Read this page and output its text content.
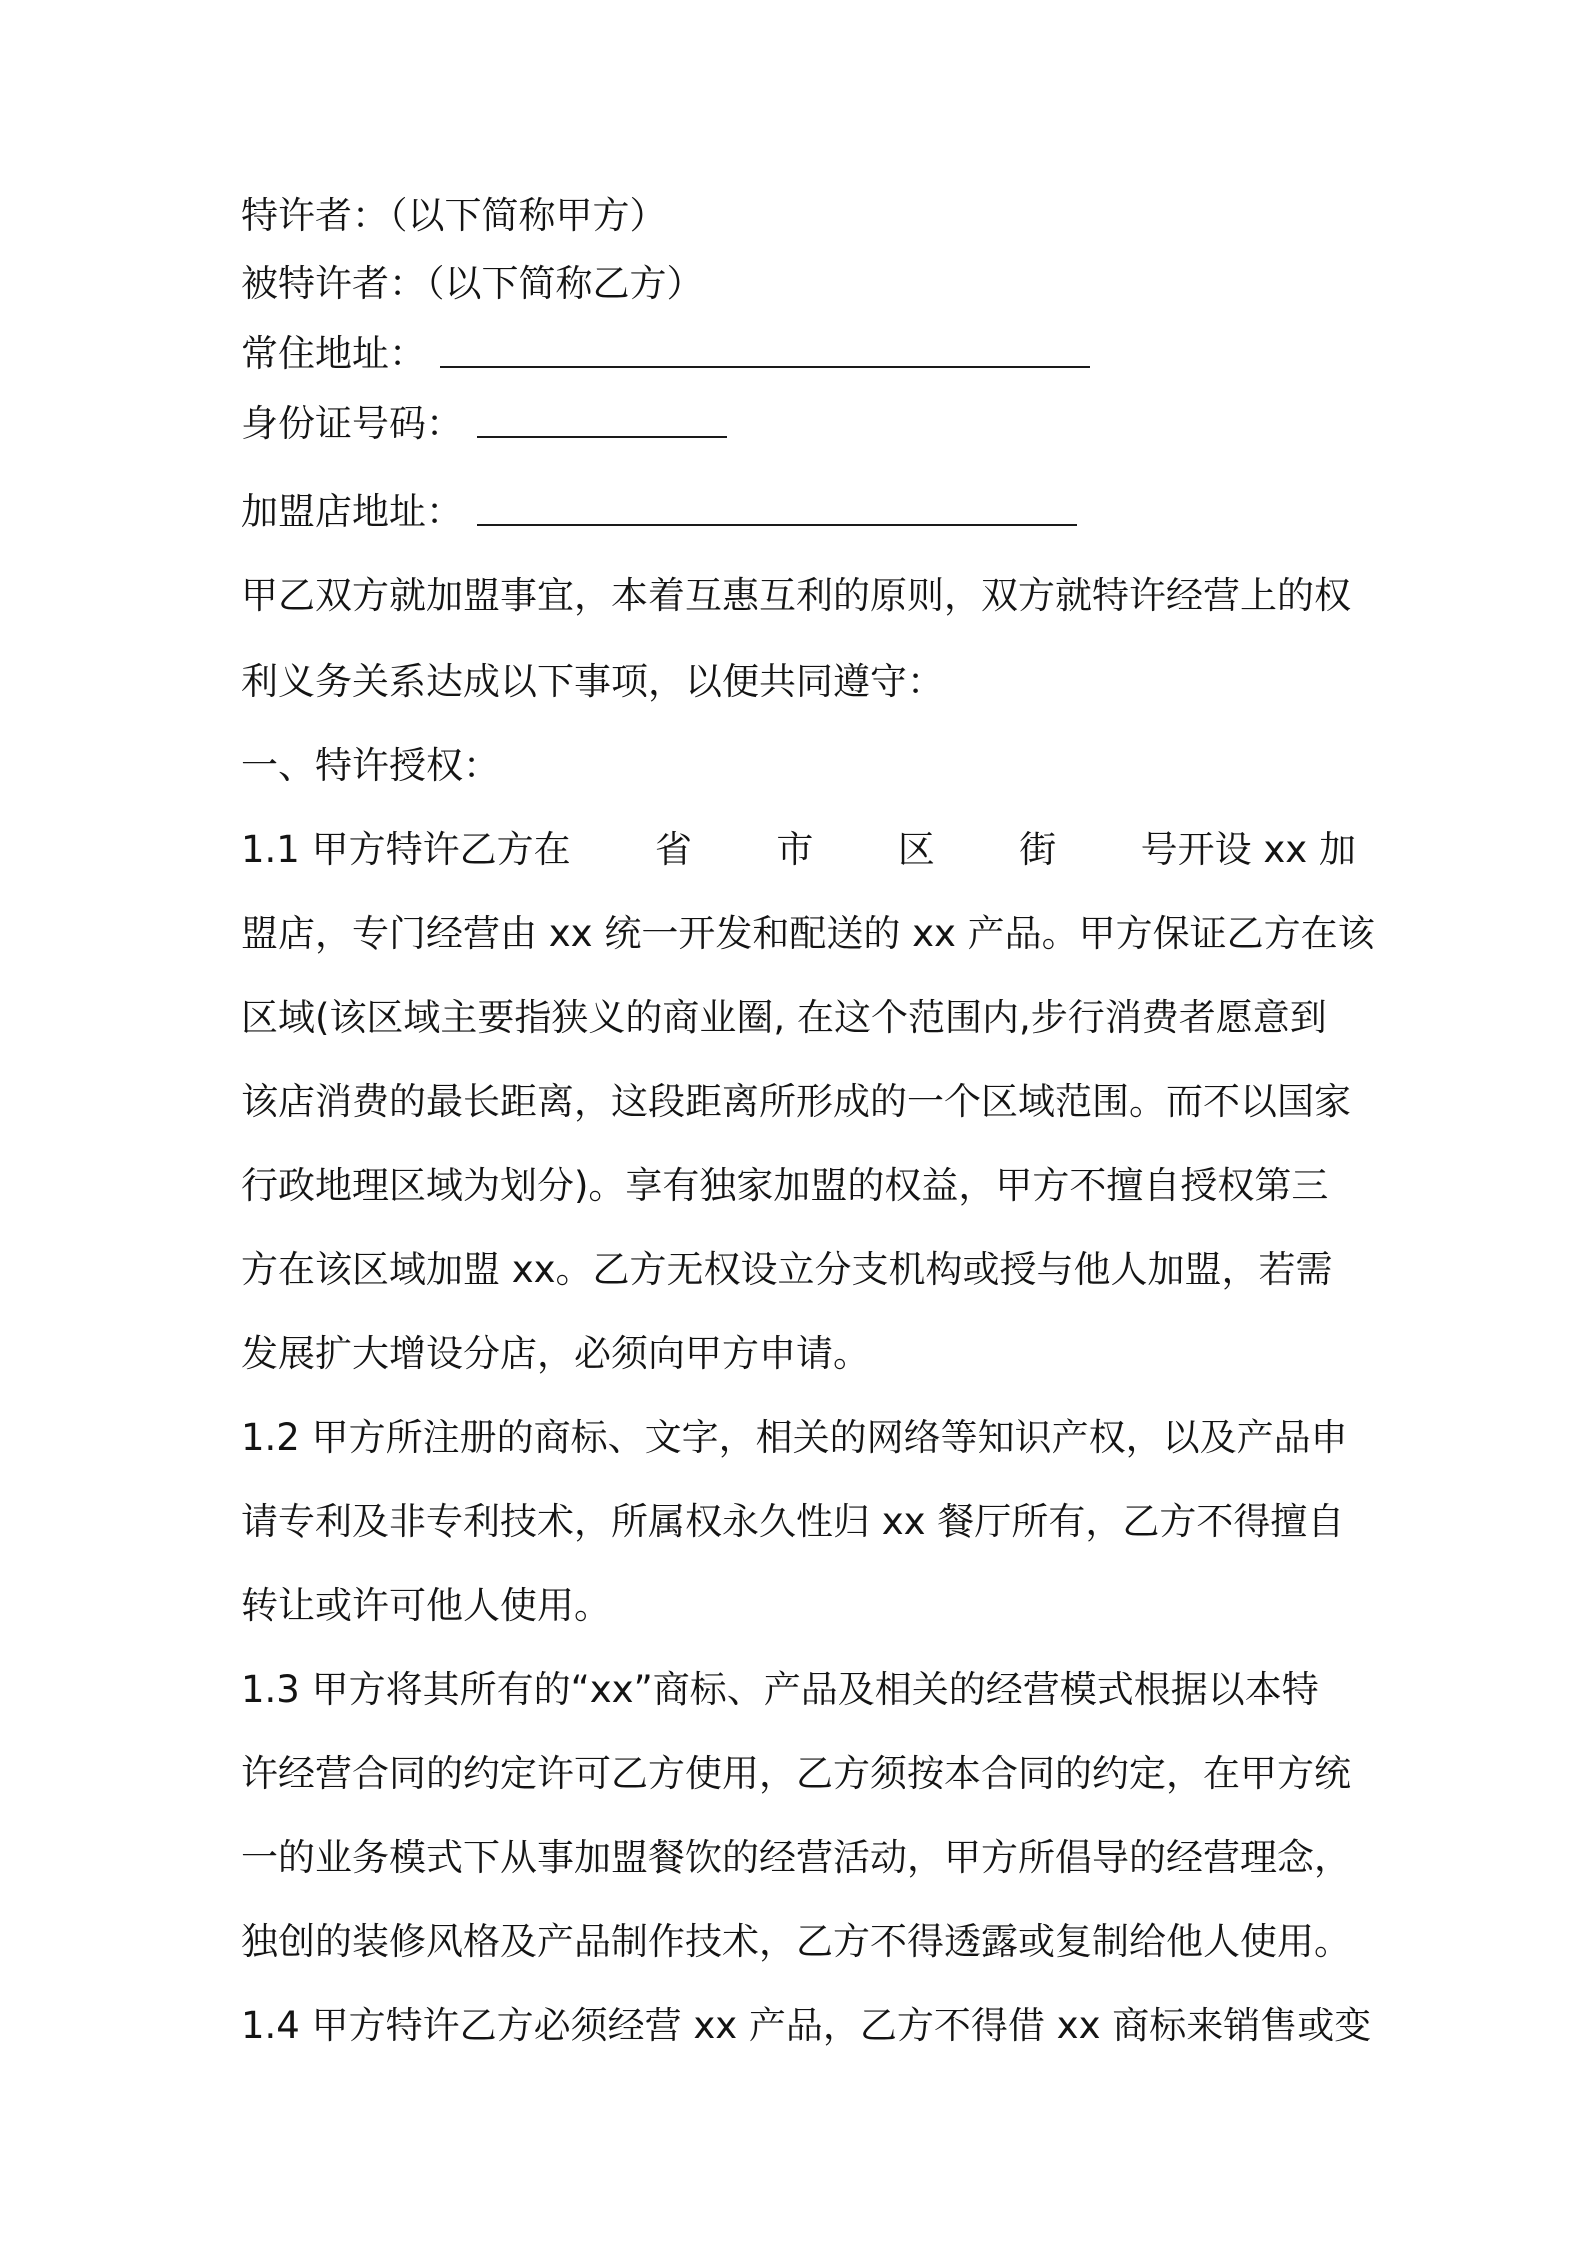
特许者：（以下简称甲方）
被特许者：（以下简称乙方）
常住地址：
身份证号码：
加盟店地址：
甲乙双方就加盟事宜，本着互惠互利的原则，双方就特许经营上的权
利义务关系达成以下事项，以便共同遵守：
一、特许授权：
1.1 甲方特许乙方在 省 市 区 街 号开设 xx 加
盟店，专门经营由 xx 统一开发和配送的 xx 产品。甲方保证乙方在该
区域(该区域主要指狭义的商业圈, 在这个范围内,步行消费者愿意到
该店消费的最长距离，这段距离所形成的一个区域范围。而不以国家
行政地理区域为划分)。享有独家加盟的权益，甲方不擅自授权第三
方在该区域加盟 xx。乙方无权设立分支机构或授与他人加盟，若需
发展扩大增设分店，必须向甲方申请。
1.2 甲方所注册的商标、文字，相关的网络等知识产权，以及产品申
请专利及非专利技术，所属权永久性归 xx 餐厅所有，乙方不得擅自
转让或许可他人使用。
1.3 甲方将其所有的“xx”商标、产品及相关的经营模式根据以本特
许经营合同的约定许可乙方使用，乙方须按本合同的约定，在甲方统
一的业务模式下从事加盟餐饮的经营活动，甲方所倡导的经营理念，
独创的装修风格及产品制作技术，乙方不得透露或复制给他人使用。
1.4 甲方特许乙方必须经营 xx 产品，乙方不得借 xx 商标来销售或变
